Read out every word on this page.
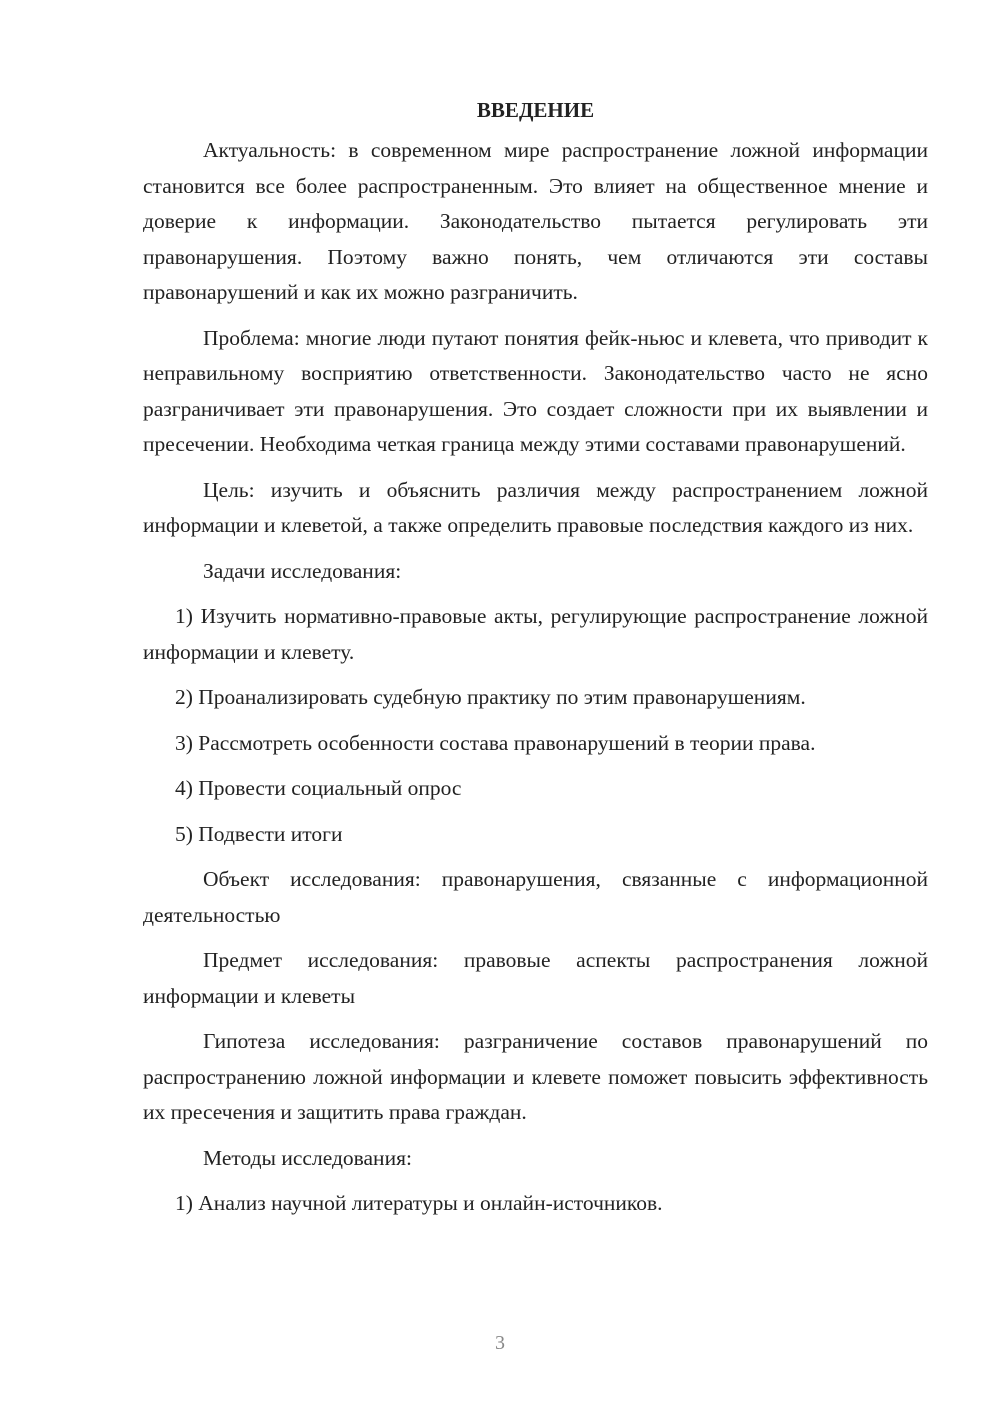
ВВЕДЕНИЕ

Актуальность: в современном мире распространение ложной информации становится все более распространенным. Это влияет на общественное мнение и доверие к информации. Законодательство пытается регулировать эти правонарушения. Поэтому важно понять, чем отличаются эти составы правонарушений и как их можно разграничить.

Проблема: многие люди путают понятия фейк-ньюс и клевета, что приводит к неправильному восприятию ответственности. Законодательство часто не ясно разграничивает эти правонарушения. Это создает сложности при их выявлении и пресечении. Необходима четкая граница между этими составами правонарушений.

Цель: изучить и объяснить различия между распространением ложной информации и клеветой, а также определить правовые последствия каждого из них.

Задачи исследования:

1) Изучить нормативно-правовые акты, регулирующие распространение ложной информации и клевету.

2) Проанализировать судебную практику по этим правонарушениям.

3) Рассмотреть особенности состава правонарушений в теории права.

4) Провести социальный опрос

5) Подвести итоги

Объект исследования: правонарушения, связанные с информационной деятельностью

Предмет исследования: правовые аспекты распространения ложной информации и клеветы

Гипотеза исследования: разграничение составов правонарушений по распространению ложной информации и клевете поможет повысить эффективность их пресечения и защитить права граждан.

Методы исследования:

1) Анализ научной литературы и онлайн-источников.

3
